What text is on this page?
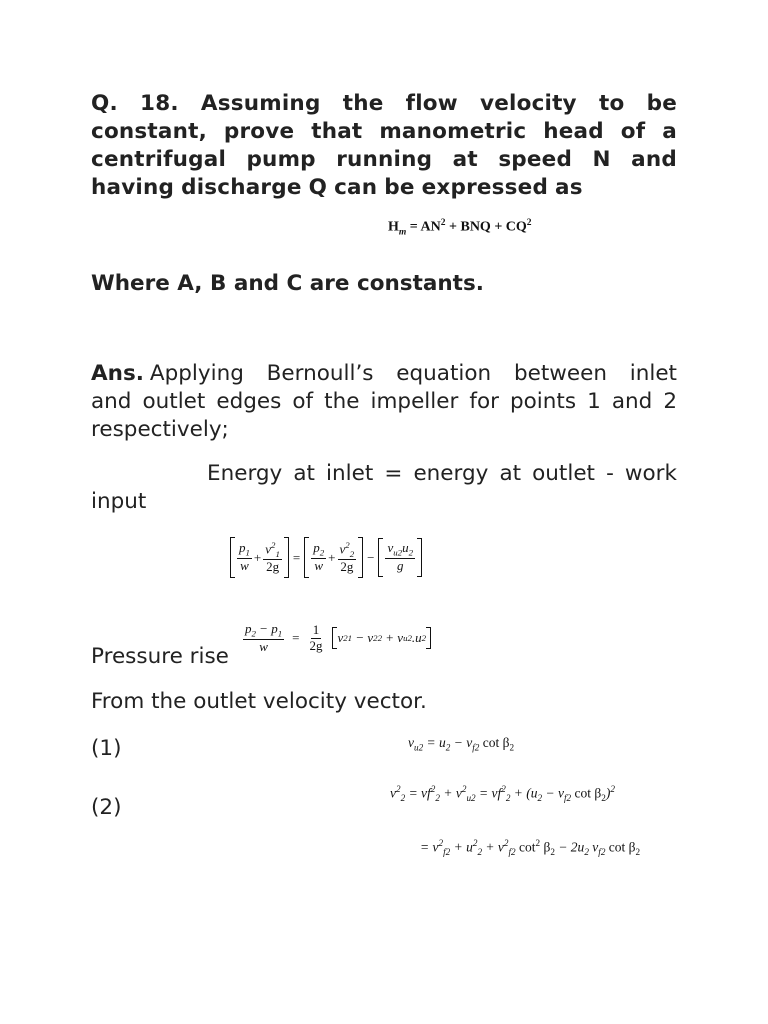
Q. 18. Assuming the flow velocity to be
constant, prove that manometric head of a
centrifugal pump running at speed N and
having discharge Q can be expressed as
$H_m = AN^2$ + BNQ + $CQ^2$
Where A, B and C are constants.
Ans. Applying Bernoull’s equation between inlet
and outlet edges of the impeller for points 1 and 2
respectively;
Energy at inlet = energy at outlet - work
input
$\frac{p_1}{w} + \frac{v^2_1}{2g} = \frac{p_2}{w} + \frac{v^2_2}{2g} - \frac{v_{u2}u_2}{g}$
Pressure rise
$\frac{p_2 - p_1}{w} = \frac{1}{2g}$ v 2 1
−
v 2 2
+
v u2 . u 2
From the outlet velocity vector.
(1)	$v_{u2} = u_2 - v_{f2}$ $\cot \beta_2$
(2)
$v^2_2 = vf^2_2 + v^2_{u2} = vf^2_2 + (u_2 - v_{f2}$ $\cot \beta_2)^2$
= $v^2_{f2} + u^2_2 + v^2_{f2}$ $\cot^2 \beta_2 - 2u_2$ $v_{f2}$ $\cot \beta_2$
